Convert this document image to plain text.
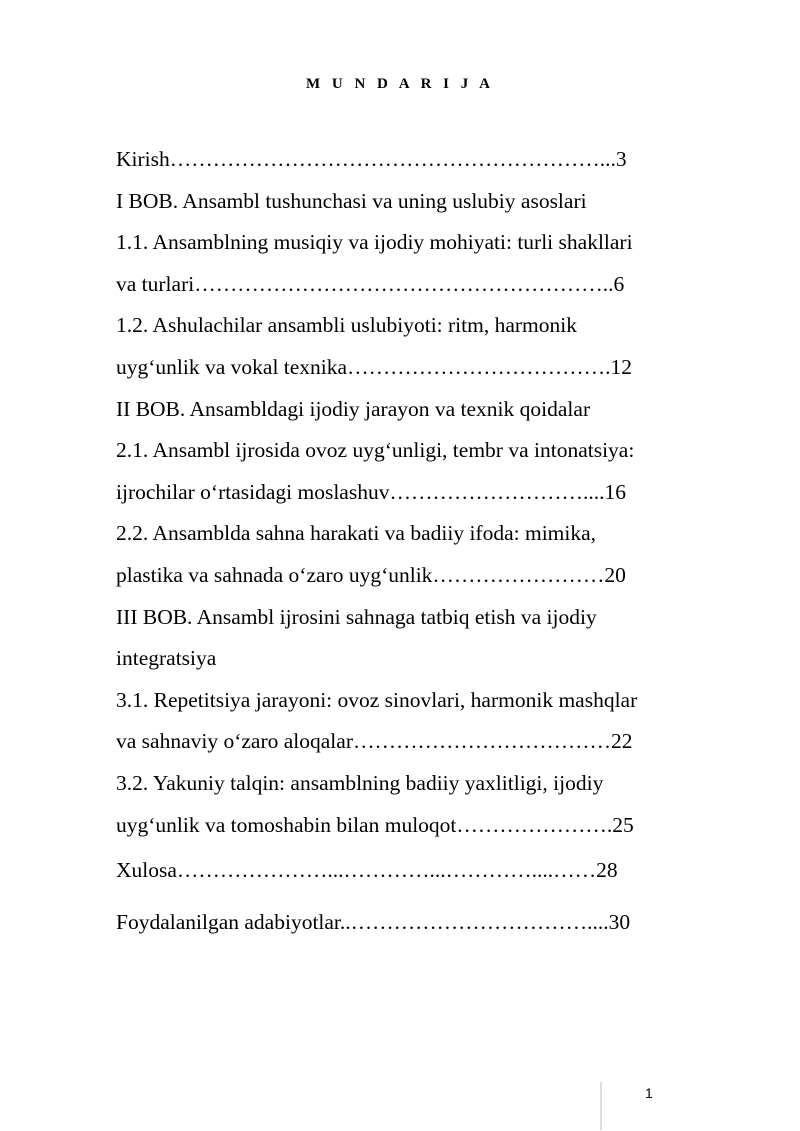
M U N D A R I J A
Kirish……………………………………………………...3
I BOB. Ansambl tushunchasi va uning uslubiy asoslari
1.1. Ansamblning musiqiy va ijodiy mohiyati: turli shakllari
va turlari…………………………………………………..6
1.2. Ashulachilar ansambli uslubiyoti: ritm, harmonik
uyg‘unlik va vokal texnika……………………………….12
II BOB. Ansambldagi ijodiy jarayon va texnik qoidalar
2.1. Ansambl ijrosida ovoz uyg‘unligi, tembr va intonatsiya:
ijrochilar o‘rtasidagi moslashuv………………………....16
2.2. Ansamblda sahna harakati va badiiy ifoda: mimika,
plastika va sahnada o‘zaro uyg‘unlik……………………20
III BOB. Ansambl ijrosini sahnaga tatbiq etish va ijodiy
integratsiya
3.1. Repetitsiya jarayoni: ovoz sinovlari, harmonik mashqlar
va sahnaviy o‘zaro aloqalar………………………………22
3.2. Yakuniy talqin: ansamblning badiiy yaxlitligi, ijodiy
uyg‘unlik va tomoshabin bilan muloqot………………….25
Xulosa…………………...…………...…………....……28
Foydalanilgan adabiyotlar..……………………………....30
1
